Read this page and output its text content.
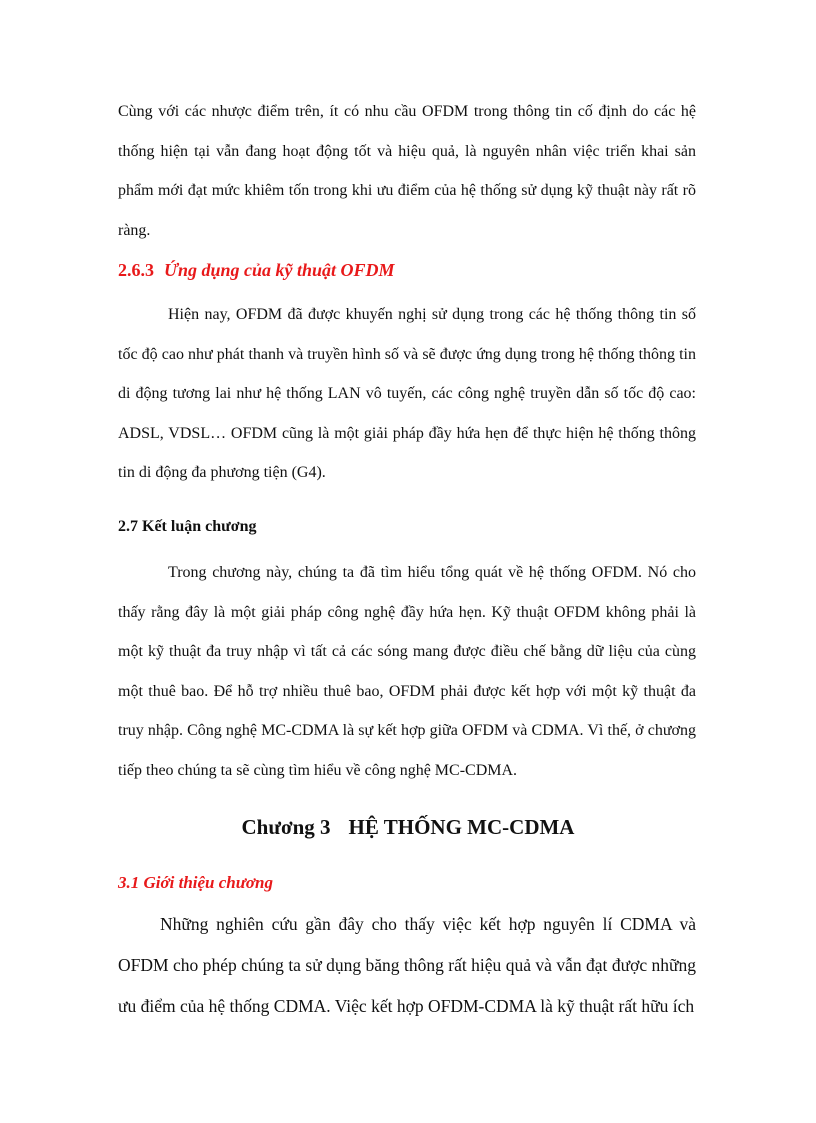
Cùng với các nhược điểm trên, ít có nhu cầu OFDM trong thông tin cố định do các hệ thống hiện tại vẫn đang hoạt động tốt và hiệu quả, là nguyên nhân việc triển khai sản phẩm mới đạt mức khiêm tốn trong khi ưu điểm của hệ thống sử dụng kỹ thuật này rất rõ ràng.

2.6.3 Ứng dụng của kỹ thuật OFDM

Hiện nay, OFDM đã được khuyến nghị sử dụng trong các hệ thống thông tin số tốc độ cao như phát thanh và truyền hình số và sẽ được ứng dụng trong hệ thống thông tin di động tương lai như hệ thống LAN vô tuyến, các công nghệ truyền dẫn số tốc độ cao: ADSL, VDSL… OFDM cũng là một giải pháp đầy hứa hẹn để thực hiện hệ thống thông tin di động đa phương tiện (G4).

2.7 Kết luận chương

Trong chương này, chúng ta đã tìm hiểu tổng quát về hệ thống OFDM. Nó cho thấy rằng đây là một giải pháp công nghệ đầy hứa hẹn. Kỹ thuật OFDM không phải là một kỹ thuật đa truy nhập vì tất cả các sóng mang được điều chế bằng dữ liệu của cùng một thuê bao. Để hỗ trợ nhiều thuê bao, OFDM phải được kết hợp với một kỹ thuật đa truy nhập. Công nghệ MC-CDMA là sự kết hợp giữa OFDM và CDMA. Vì thế, ở chương tiếp theo chúng ta sẽ cùng tìm hiểu về công nghệ MC-CDMA.

Chương 3 HỆ THỐNG MC-CDMA
3.1 Giới thiệu chương

Những nghiên cứu gần đây cho thấy việc kết hợp nguyên lí CDMA và OFDM cho phép chúng ta sử dụng băng thông rất hiệu quả và vẫn đạt được những ưu điểm của hệ thống CDMA. Việc kết hợp OFDM-CDMA là kỹ thuật rất hữu ích
